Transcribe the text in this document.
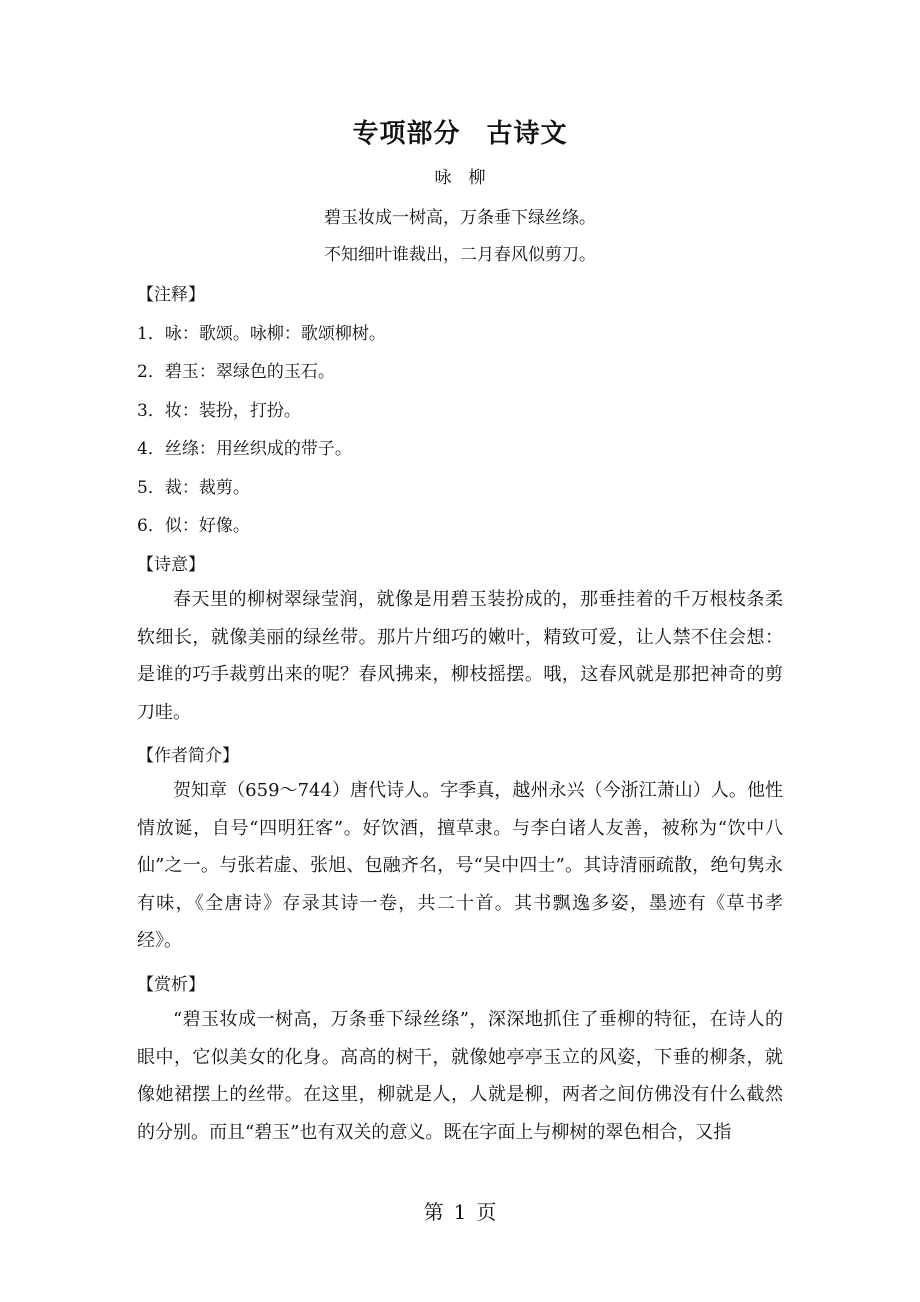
专项部分 古诗文
咏　柳
碧玉妆成一树高，万条垂下绿丝绦。
不知细叶谁裁出，二月春风似剪刀。
【注释】
1．咏：歌颂。咏柳：歌颂柳树。
2．碧玉：翠绿色的玉石。
3．妆：装扮，打扮。
4．丝绦：用丝织成的带子。
5．裁：裁剪。
6．似：好像。
【诗意】

春天里的柳树翠绿莹润，就像是用碧玉装扮成的，那垂挂着的千万根枝条柔软细长，就像美丽的绿丝带。那片片细巧的嫩叶，精致可爱，让人禁不住会想：是谁的巧手裁剪出来的呢？春风拂来，柳枝摇摆。哦，这春风就是那把神奇的剪刀哇。

【作者简介】

贺知章（659～744）唐代诗人。字季真，越州永兴（今浙江萧山）人。他性情放诞，自号“四明狂客”。好饮酒，擅草隶。与李白诸人友善，被称为“饮中八仙”之一。与张若虚、张旭、包融齐名，号“吴中四士”。其诗清丽疏散，绝句隽永有味，《全唐诗》存录其诗一卷，共二十首。其书飘逸多姿，墨迹有《草书孝经》。

【赏析】

“碧玉妆成一树高，万条垂下绿丝绦”，深深地抓住了垂柳的特征，在诗人的眼中，它似美女的化身。高高的树干，就像她亭亭玉立的风姿，下垂的柳条，就像她裙摆上的丝带。在这里，柳就是人，人就是柳，两者之间仿佛没有什么截然的分别。而且“碧玉”也有双关的意义。既在字面上与柳树的翠色相合，又指

第 1 页
